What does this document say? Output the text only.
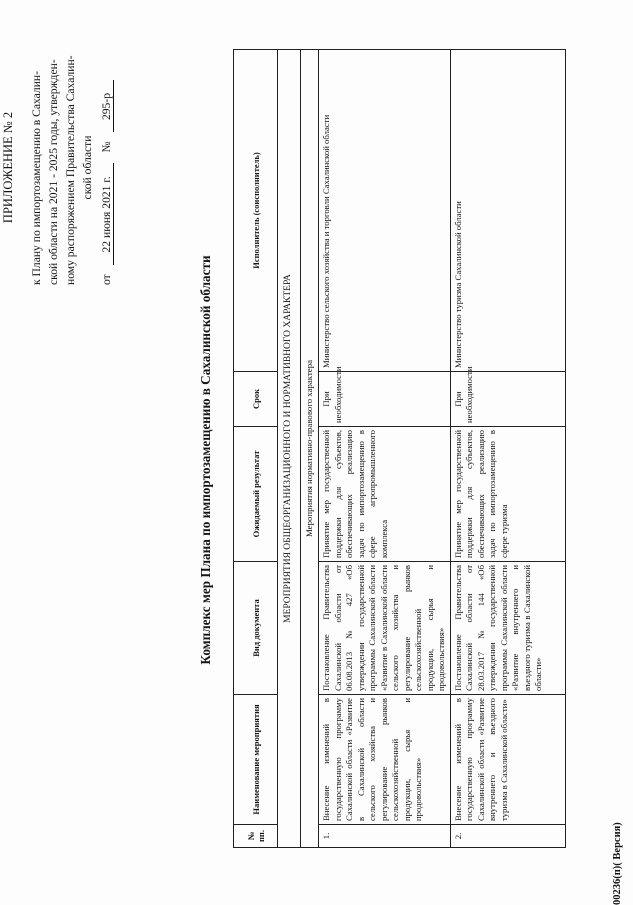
ПРИЛОЖЕНИЕ № 2 к Плану по импортозамещению в Сахалин- ской области на 2021 - 2025 годы, утвержден- ному распоряжением Правительства Сахалин- ской области
от 22 июня 2021 г. № 295-р
Комплекс мер Плана по импортозамещению в Сахалинской области
№ пп.	Наименование мероприятия	Вид документа	Ожидаемый результат	Срок	Исполнитель (соисполнитель)
МЕРОПРИЯТИЯ ОБЩЕОРГАНИЗАЦИОННОГО И НОРМАТИВНОГО ХАРАКТЕРА					
Мероприятия нормативно-правового характера					
1.	Внесение изменений в государственную программу Сахалинской области «Развитие в Сахалинской области сельского хозяйства и регулирование рынков сельскохозяйственной продукции, сырья и продовольствия»	Постановление Правительства Сахалинской области от 06.08.2013 № 427 «Об утверждении государственной программы Сахалинской области «Развитие в Сахалинской области сельского хозяйства и регулирование рынков сельскохозяйственной продукции, сырья и продовольствия»	Принятие мер государственной поддержки для субъектов, обеспечивающих реализацию задач по импортозамещению в сфере агропромышленного комплекса	При необходимости	Министерство сельского хозяйства и торговли Сахалинской области
2.	Внесение изменений в государственную программу Сахалинской области «Развитие внутреннего и въездного туризма в Сахалинской области»	Постановление Правительства Сахалинской области от 28.03.2017 № 144 «Об утверждении государственной программы Сахалинской области «Развитие внутреннего и въездного туризма в Сахалинской области»	Принятие мер государственной поддержки для субъектов, обеспечивающих реализацию задач по импортозамещению в сфере туризма	При необходимости	Министерство туризма Сахалинской области
00236(п)( Версия)
